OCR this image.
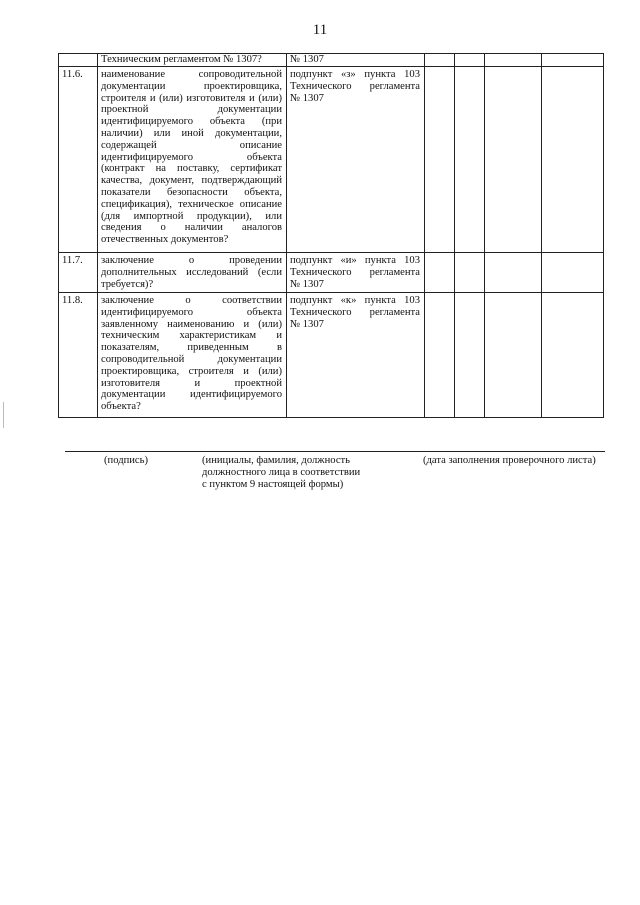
11
Техническим регламентом № 1307?	№ 1307
11.6. наименование сопроводительной
документации проектировщика,
строителя и (или) изготовителя и (или)
проектной документации
идентифицируемого объекта (при
наличии) или иной документации,
содержащей описание
идентифицируемого объекта
(контракт на поставку, сертификат
качества, документ, подтверждающий
показатели безопасности объекта,
спецификация), техническое описание
(для импортной продукции), или
сведения о наличии аналогов
отечественных документов?
подпункт «з» пункта 103
Технического регламента
№ 1307
11.7. заключение о проведении
дополнительных исследований (если
требуется)?
подпункт «и» пункта 103
Технического регламента
№ 1307
11.8. заключение о соответствии
идентифицируемого объекта
заявленному наименованию и (или)
техническим характеристикам и
показателям, приведенным в
сопроводительной документации
проектировщика, строителя и (или)
изготовителя и проектной
документации идентифицируемого
объекта?
подпункт «к» пункта 103
Технического регламента
№ 1307
(подпись)	(инициалы, фамилия, должность
должностного лица в соответствии
с пунктом 9 настоящей формы)
(дата заполнения проверочного листа)
